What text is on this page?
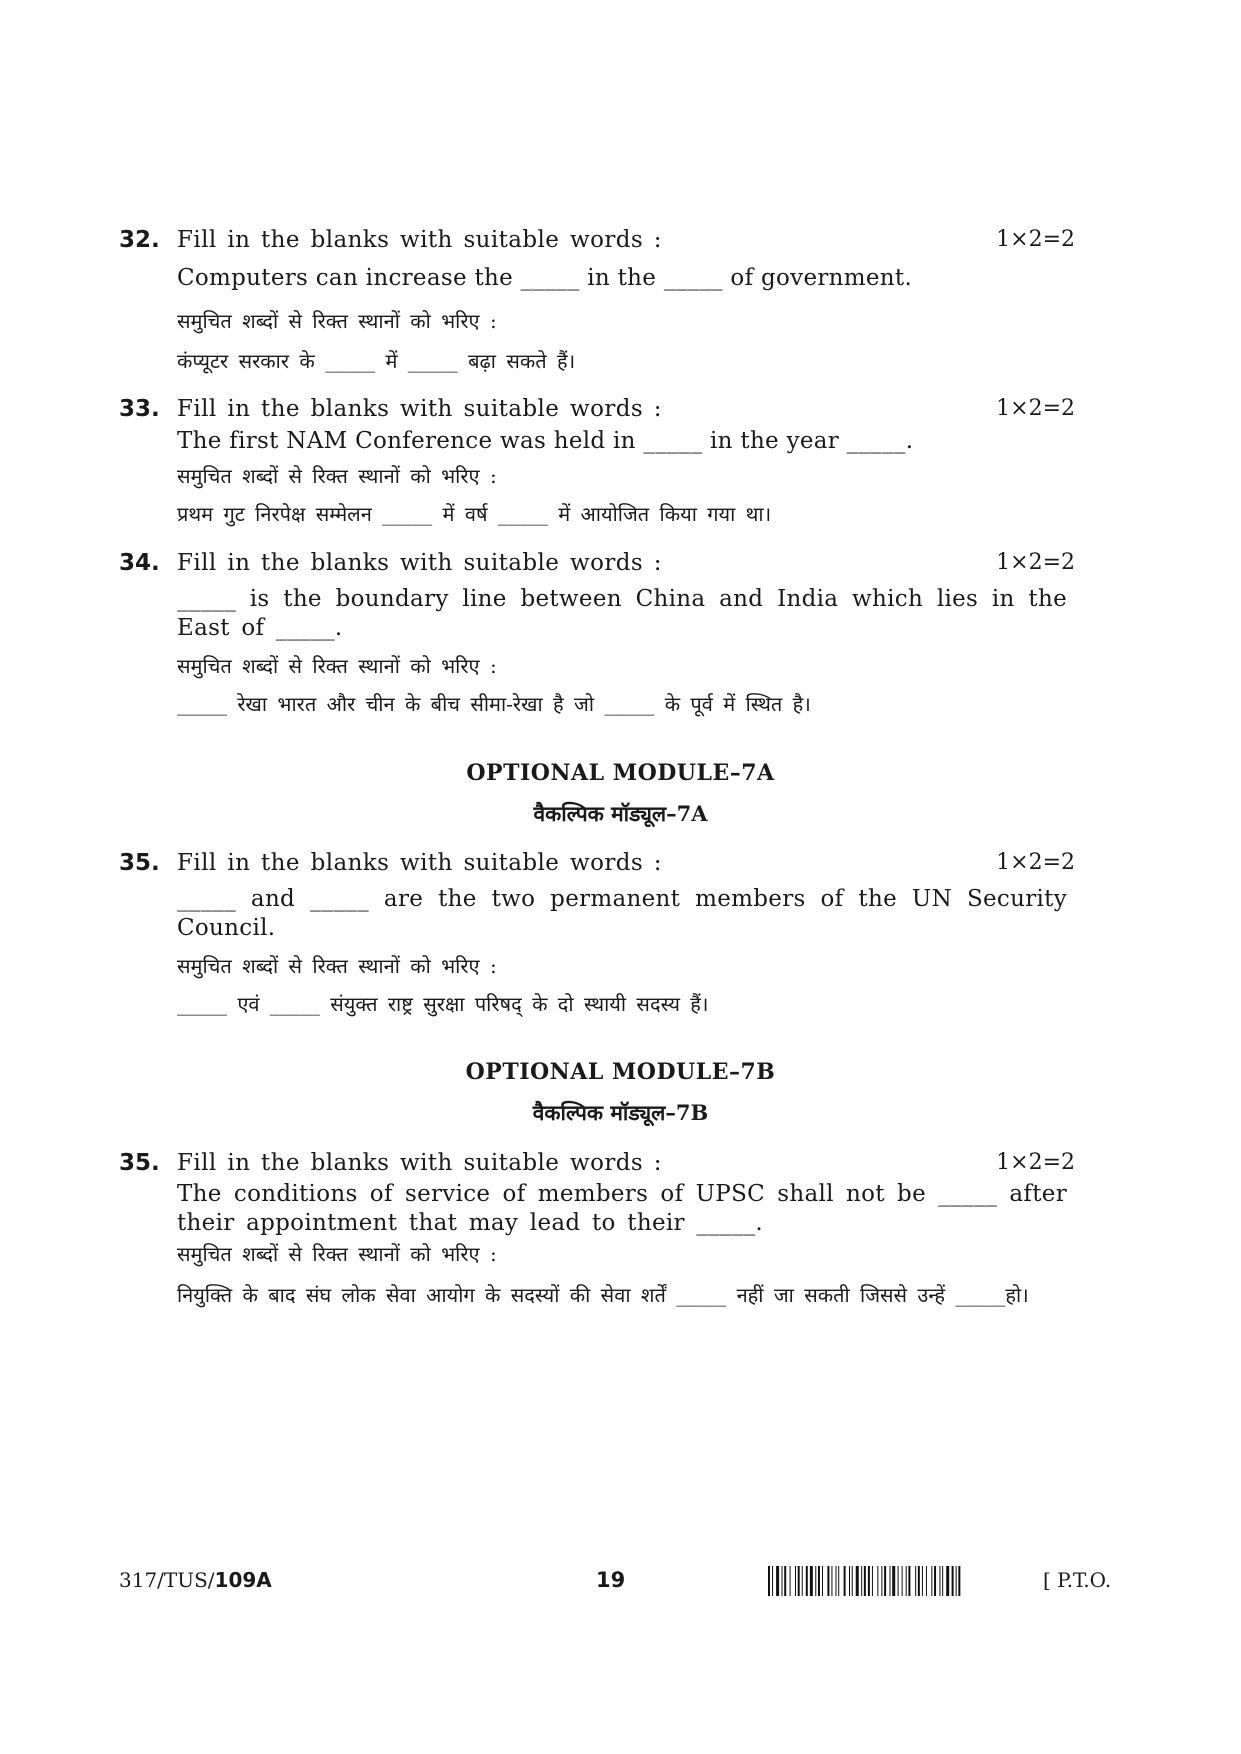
32. Fill in the blanks with suitable words :	1×2=2
Computers can increase the _____ in the _____ of government.
समुचित शब्दों से रिक्त स्थानों को भरिए :
कंप्यूटर सरकार के _____ में _____ बढ़ा सकते हैं।
33. Fill in the blanks with suitable words :	1×2=2
The first NAM Conference was held in _____ in the year _____.
समुचित शब्दों से रिक्त स्थानों को भरिए :
प्रथम गुट निरपेक्ष सम्मेलन _____ में वर्ष _____ में आयोजित किया गया था।
34. Fill in the blanks with suitable words :	1×2=2
_____ is the boundary line between China and India which lies in the East of _____.
समुचित शब्दों से रिक्त स्थानों को भरिए :
_____ रेखा भारत और चीन के बीच सीमा-रेखा है जो _____ के पूर्व में स्थित है।
OPTIONAL MODULE–7A
वैकल्पिक मॉड्यूल–7A
35. Fill in the blanks with suitable words :	1×2=2
_____ and _____ are the two permanent members of the UN Security Council.
समुचित शब्दों से रिक्त स्थानों को भरिए :
_____ एवं _____ संयुक्त राष्ट्र सुरक्षा परिषद् के दो स्थायी सदस्य हैं।
OPTIONAL MODULE–7B
वैकल्पिक मॉड्यूल–7B
35. Fill in the blanks with suitable words :	1×2=2
The conditions of service of members of UPSC shall not be _____ after their appointment that may lead to their _____.
समुचित शब्दों से रिक्त स्थानों को भरिए :
नियुक्ति के बाद संघ लोक सेवा आयोग के सदस्यों की सेवा शर्तें _____ नहीं जा सकती जिससे उन्हें _____हो।
317/TUS/109A	19	[ P.T.O.
